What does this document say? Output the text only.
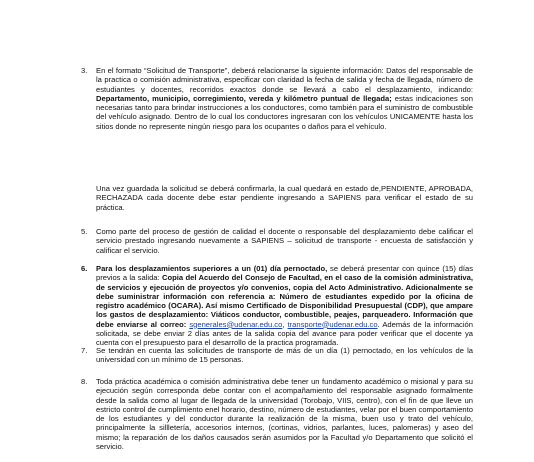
3. En el formato “Solicitud de Transporte”, deberá relacionarse la siguiente información: Datos del responsable de la practica o comisión administrativa, especificar con claridad la fecha de salida y fecha de llegada, número de estudiantes y docentes, recorridos exactos donde se llevará a cabo el desplazamiento, indicando: Departamento, municipio, corregimiento, vereda y kilómetro puntual de llegada; estas indicaciones son necesarias tanto para brindar instrucciones a los conductores, como también para el suministro de combustible del vehículo asignado. Dentro de lo cual los conductores ingresaran con los vehículos UNICAMENTE hasta los sitios donde no represente ningún riesgo para los ocupantes o daños para el vehículo.
Una vez guardada la solicitud se deberá confirmarla, la cual quedará en estado de,PENDIENTE, APROBADA, RECHAZADA cada docente debe estar pendiente ingresando a SAPIENS para verificar el estado de su práctica.
5. Como parte del proceso de gestión de calidad el docente o responsable del desplazamiento debe calificar el servicio prestado ingresando nuevamente a SAPIENS – solicitud de transporte - encuesta de satisfacción y calificar el servicio.
6. Para los desplazamientos superiores a un (01) día pernoctado, se deberá presentar con quince (15) días previos a la salida: Copia del Acuerdo del Consejo de Facultad, en el caso de la comisión administrativa, de servicios y ejecución de proyectos y/o convenios, copia del Acto Administrativo. Adicionalmente se debe suministrar información con referencia a: Número de estudiantes expedido por la oficina de registro académico (OCARA). Así mismo Certificado de Disponibilidad Presupuestal (CDP), que ampare los gastos de desplazamiento: Viáticos conductor, combustible, peajes, parqueadero. Información que debe enviarse al correo: sgenerales@udenar.edu.co, transporte@udenar.edu.co. Además de la información solicitada, se debe enviar 2 días antes de la salida copia del avance para poder verificar que el docente ya cuenta con el presupuesto para el desarrollo de la practica programada.
7. Se tendrán en cuenta las solicitudes de transporte de más de un día (1) pernoctado, en los vehículos de la universidad con un mínimo de 15 personas.
8. Toda práctica académica o comisión administrativa debe tener un fundamento académico o misional y para su ejecución según corresponda debe contar con el acompañamiento del responsable asignado formalmente desde la salida como al lugar de llegada de la universidad (Torobajo, VIIS, centro), con el fin de que lleve un estricto control de cumplimiento enel horario, destino, número de estudiantes, velar por el buen comportamiento de los estudiantes y del conductor durante la realización de la misma, buen uso y trato del vehículo, principalmente la sillletería, accesorios internos, (cortinas, vidrios, parlantes, luces, palomeras) y aseo del mismo; la reparación de los daños causados serán asumidos por la Facultad y/o Departamento que solicitó el servicio.
